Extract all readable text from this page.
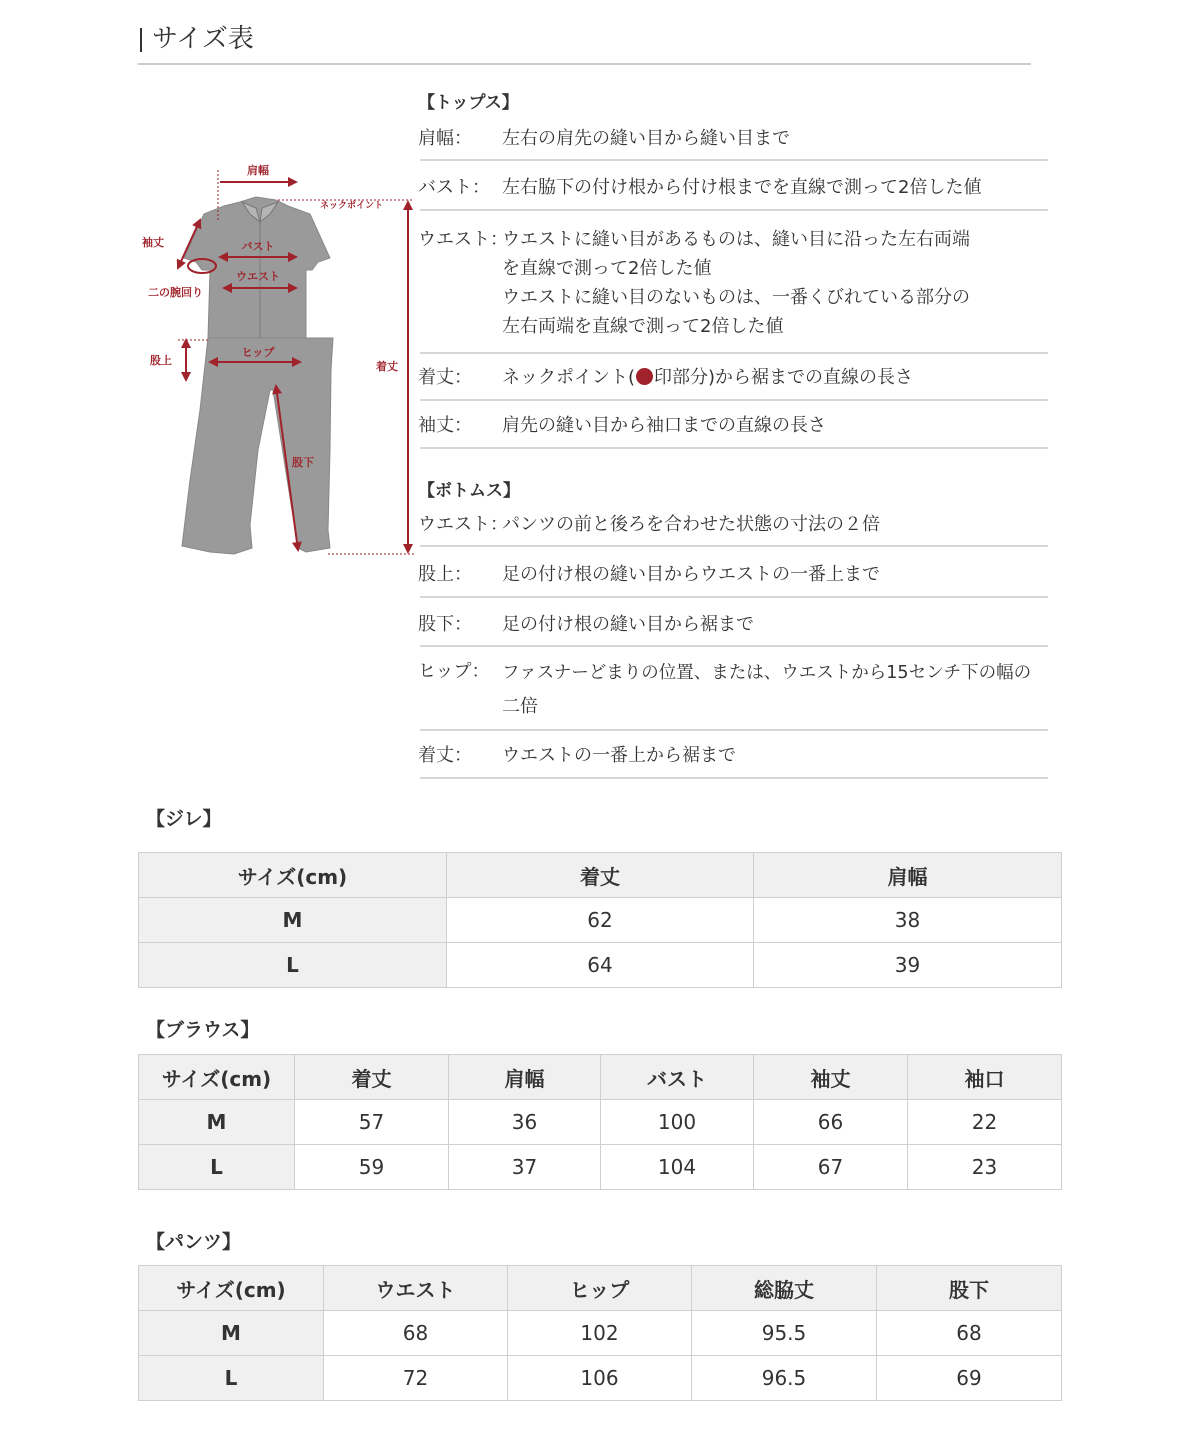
サイズ表
肩幅
ネックポイント
着丈
袖丈	バスト
ウエスト
二の腕回り
股上
ヒップ
股下
【トップス】
肩幅： 左右の肩先の縫い目から縫い目まで
バスト： 左右脇下の付け根から付け根までを直線で測って2倍した値
ウエスト：
ウエストに縫い目があるものは、縫い目に沿った左右両端
を直線で測って2倍した値
ウエストに縫い目のないものは、一番くびれている部分の
左右両端を直線で測って2倍した値
着丈： ネックポイント( 印部分)から裾までの直線の長さ
袖丈： 肩先の縫い目から袖口までの直線の長さ
【ボトムス】
ウエスト：
パンツの前と後ろを合わせた状態の寸法の２倍
股上： 足の付け根の縫い目からウエストの一番上まで
股下： 足の付け根の縫い目から裾まで
ヒップ： ファスナーどまりの位置、または、ウエストから15センチ下の幅の
二倍
着丈： ウエストの一番上から裾まで
【ジレ】
サイズ(cm)	着丈	肩幅
M	62	38
L	64	39
【ブラウス】
サイズ(cm)	着丈	肩幅	バスト	袖丈	袖口
M	57	36	100	66	22
L	59	37	104	67	23
【パンツ】
サイズ(cm)	ウエスト	ヒップ	総脇丈	股下
M	68	102	95.5	68
L	72	106	96.5	69
